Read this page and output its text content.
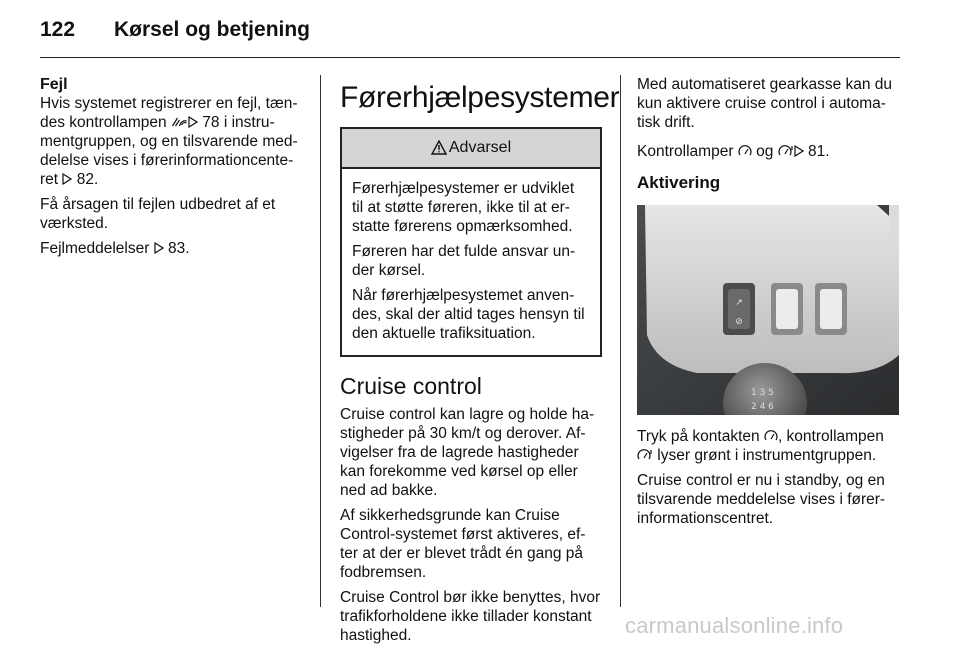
122 Kørsel og betjening
Fejl

Hvis systemet registrerer en fejl, tæn-
des kontrollampen  78 i instru-
mentgruppen, og en tilsvarende med-
delelse vises i førerinformationcente-
ret  82.

Få årsagen til fejlen udbedret af et
værksted.

Fejlmeddelelser  83.

Førerhjælpesystemer
Advarsel

Førerhjælpesystemer er udviklet
til at støtte føreren, ikke til at er-
statte førerens opmærksomhed.

Føreren har det fulde ansvar un-
der kørsel.

Når førerhjælpesystemet anven-
des, skal der altid tages hensyn til
den aktuelle trafiksituation.

Cruise control

Cruise control kan lagre og holde ha-
stigheder på 30 km/t og derover. Af-
vigelser fra de lagrede hastigheder
kan forekomme ved kørsel op eller
ned ad bakke.

Af sikkerhedsgrunde kan Cruise
Control-systemet først aktiveres, ef-
ter at der er blevet trådt én gang på
fodbremsen.

Cruise Control bør ikke benyttes, hvor
trafikforholdene ikke tillader konstant
hastighed.

Med automatiseret gearkasse kan du
kun aktivere cruise control i automa-
tisk drift.

Kontrollamper  og  81.

Aktivering
↗
⊘
1 3 5
2 4 6

Tryk på kontakten , kontrollampen
lyser grønt i instrumentgruppen.

Cruise control er nu i standby, og en
tilsvarende meddelelse vises i fører-
informationscentret.

carmanualsonline.info
